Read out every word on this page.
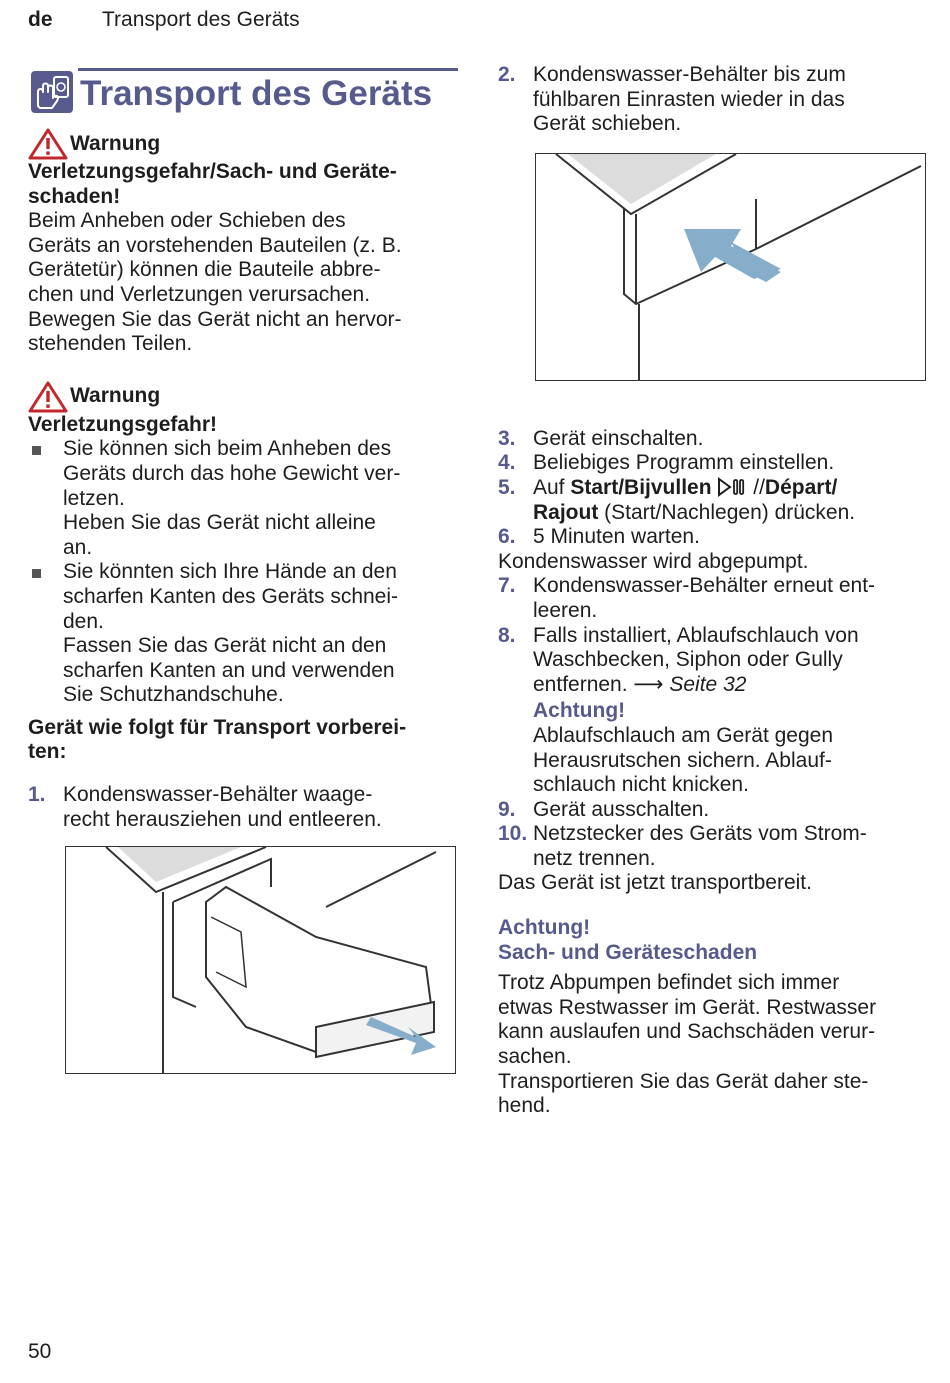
de Transport des Geräts
Transport des Geräts
Warnung

Verletzungsgefahr/Sach- und Geräte-

schaden!

Beim Anheben oder Schieben des

Geräts an vorstehenden Bauteilen (z. B.

Gerätetür) können die Bauteile abbre-

chen und Verletzungen verursachen.

Bewegen Sie das Gerät nicht an hervor-

stehenden Teilen.

Warnung

Verletzungsgefahr!

Sie können sich beim Anheben des
Geräts durch das hohe Gewicht ver-
letzen.
Heben Sie das Gerät nicht alleine
an.
Sie könnten sich Ihre Hände an den
scharfen Kanten des Geräts schnei-
den.
Fassen Sie das Gerät nicht an den
scharfen Kanten an und verwenden
Sie Schutzhandschuhe.

Gerät wie folgt für Transport vorberei-

ten:

1. Kondenswasser-Behälter waage-
recht herausziehen und entleeren.
2. Kondenswasser-Behälter bis zum
fühlbaren Einrasten wieder in das
Gerät schieben.
3. Gerät einschalten.
4. Beliebiges Programm einstellen.
5. Auf Start/Bijvullen  //Départ/
Rajout (Start/Nachlegen) drücken.
6. 5 Minuten warten.

Kondenswasser wird abgepumpt.

7. Kondenswasser-Behälter erneut ent-
leeren.
8. Falls installiert, Ablaufschlauch von
Waschbecken, Siphon oder Gully
entfernen. ⟶ Seite 32
Achtung!
Ablaufschlauch am Gerät gegen
Herausrutschen sichern. Ablauf-
schlauch nicht knicken.
9. Gerät ausschalten.
10. Netzstecker des Geräts vom Strom-
netz trennen.

Das Gerät ist jetzt transportbereit.

Achtung!

Sach- und Geräteschaden

Trotz Abpumpen befindet sich immer

etwas Restwasser im Gerät. Restwasser

kann auslaufen und Sachschäden verur-

sachen.

Transportieren Sie das Gerät daher ste-

hend.

50
